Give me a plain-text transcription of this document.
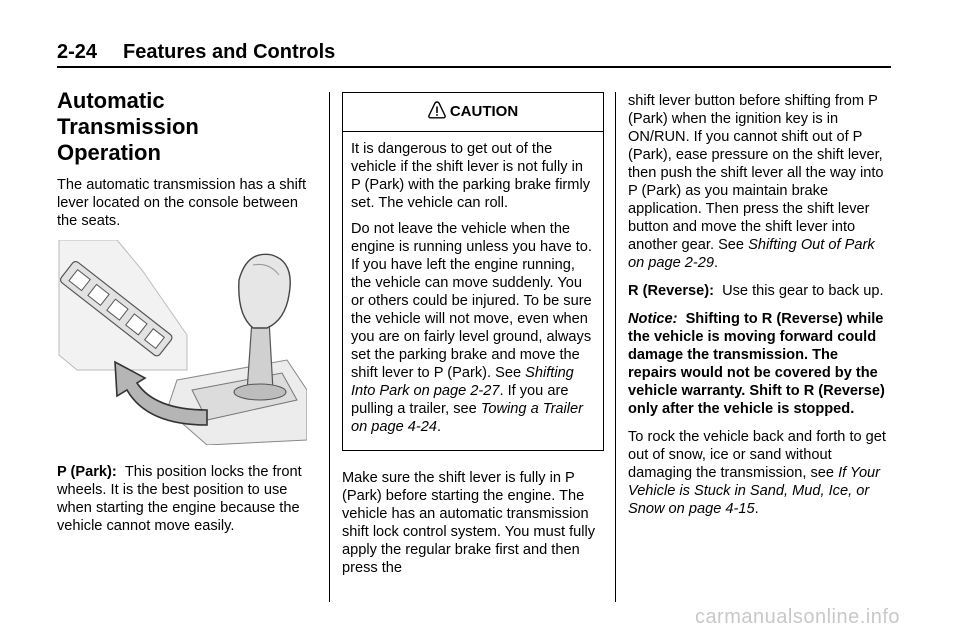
2-24 Features and Controls
Automatic Transmission Operation

The automatic transmission has a shift lever located on the console between the seats.

P (Park): This position locks the front wheels. It is the best position to use when starting the engine because the vehicle cannot move easily.

CAUTION

It is dangerous to get out of the vehicle if the shift lever is not fully in P (Park) with the parking brake firmly set. The vehicle can roll.

Do not leave the vehicle when the engine is running unless you have to. If you have left the engine running, the vehicle can move suddenly. You or others could be injured. To be sure the vehicle will not move, even when you are on fairly level ground, always set the parking brake and move the shift lever to P (Park). See Shifting Into Park on page 2-27. If you are pulling a trailer, see Towing a Trailer on page 4-24.

Make sure the shift lever is fully in P (Park) before starting the engine. The vehicle has an automatic transmission shift lock control system. You must fully apply the regular brake first and then press the

shift lever button before shifting from P (Park) when the ignition key is in ON/RUN. If you cannot shift out of P (Park), ease pressure on the shift lever, then push the shift lever all the way into P (Park) as you maintain brake application. Then press the shift lever button and move the shift lever into another gear. See Shifting Out of Park on page 2-29.

R (Reverse): Use this gear to back up.

Notice: Shifting to R (Reverse) while the vehicle is moving forward could damage the transmission. The repairs would not be covered by the vehicle warranty. Shift to R (Reverse) only after the vehicle is stopped.

To rock the vehicle back and forth to get out of snow, ice or sand without damaging the transmission, see If Your Vehicle is Stuck in Sand, Mud, Ice, or Snow on page 4-15.

carmanualsonline.info
